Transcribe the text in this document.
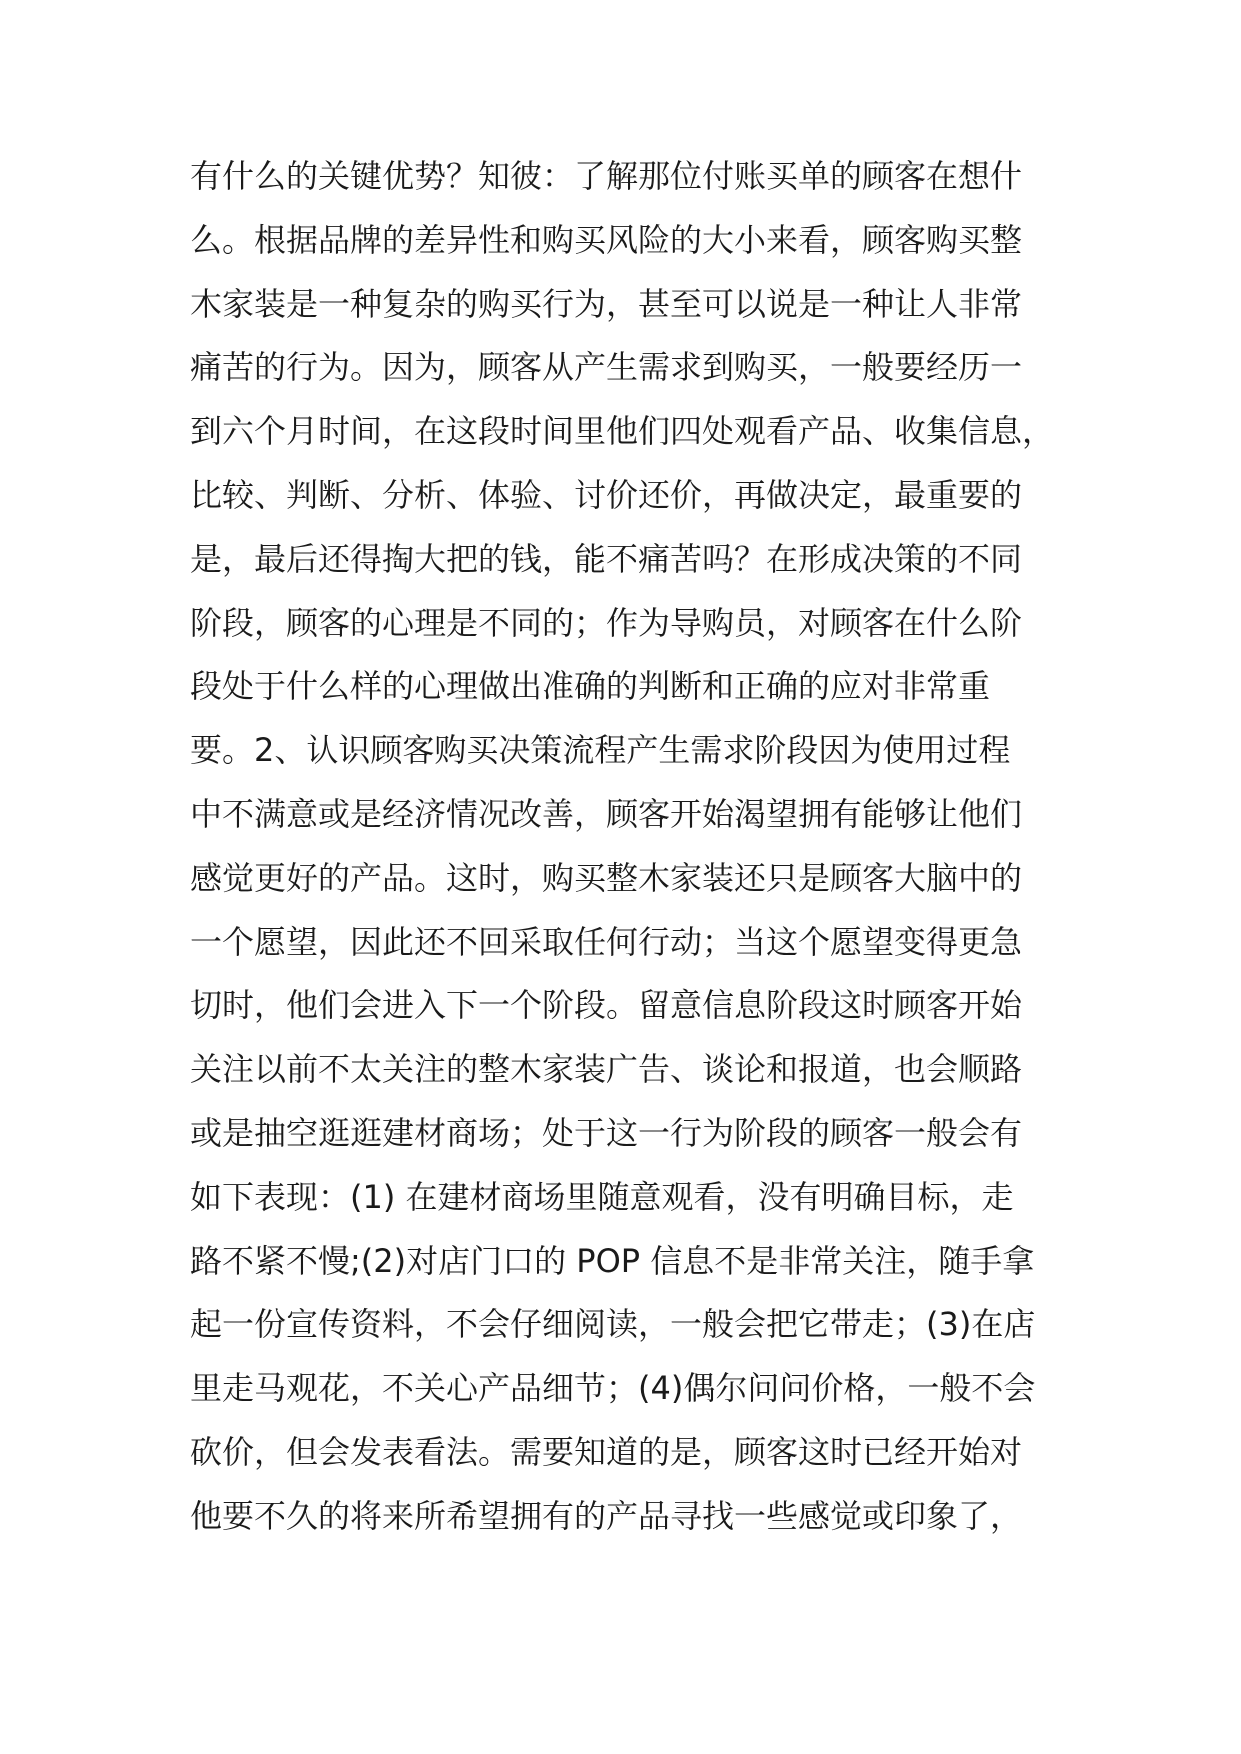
有什么的关键优势？知彼：了解那位付账买单的顾客在想什
么。根据品牌的差异性和购买风险的大小来看，顾客购买整
木家装是一种复杂的购买行为，甚至可以说是一种让人非常
痛苦的行为。因为，顾客从产生需求到购买，一般要经历一
到六个月时间，在这段时间里他们四处观看产品、收集信息，
比较、判断、分析、体验、讨价还价，再做决定，最重要的
是，最后还得掏大把的钱，能不痛苦吗？在形成决策的不同
阶段，顾客的心理是不同的；作为导购员，对顾客在什么阶
段处于什么样的心理做出准确的判断和正确的应对非常重
要。2、认识顾客购买决策流程产生需求阶段因为使用过程
中不满意或是经济情况改善，顾客开始渴望拥有能够让他们
感觉更好的产品。这时，购买整木家装还只是顾客大脑中的
一个愿望，因此还不回采取任何行动；当这个愿望变得更急
切时，他们会进入下一个阶段。留意信息阶段这时顾客开始
关注以前不太关注的整木家装广告、谈论和报道，也会顺路
或是抽空逛逛建材商场；处于这一行为阶段的顾客一般会有
如下表现：(1) 在建材商场里随意观看，没有明确目标，走
路不紧不慢;(2)对店门口的 POP 信息不是非常关注，随手拿
起一份宣传资料，不会仔细阅读，一般会把它带走；(3)在店
里走马观花，不关心产品细节；(4)偶尔问问价格，一般不会
砍价，但会发表看法。需要知道的是，顾客这时已经开始对
他要不久的将来所希望拥有的产品寻找一些感觉或印象了，
